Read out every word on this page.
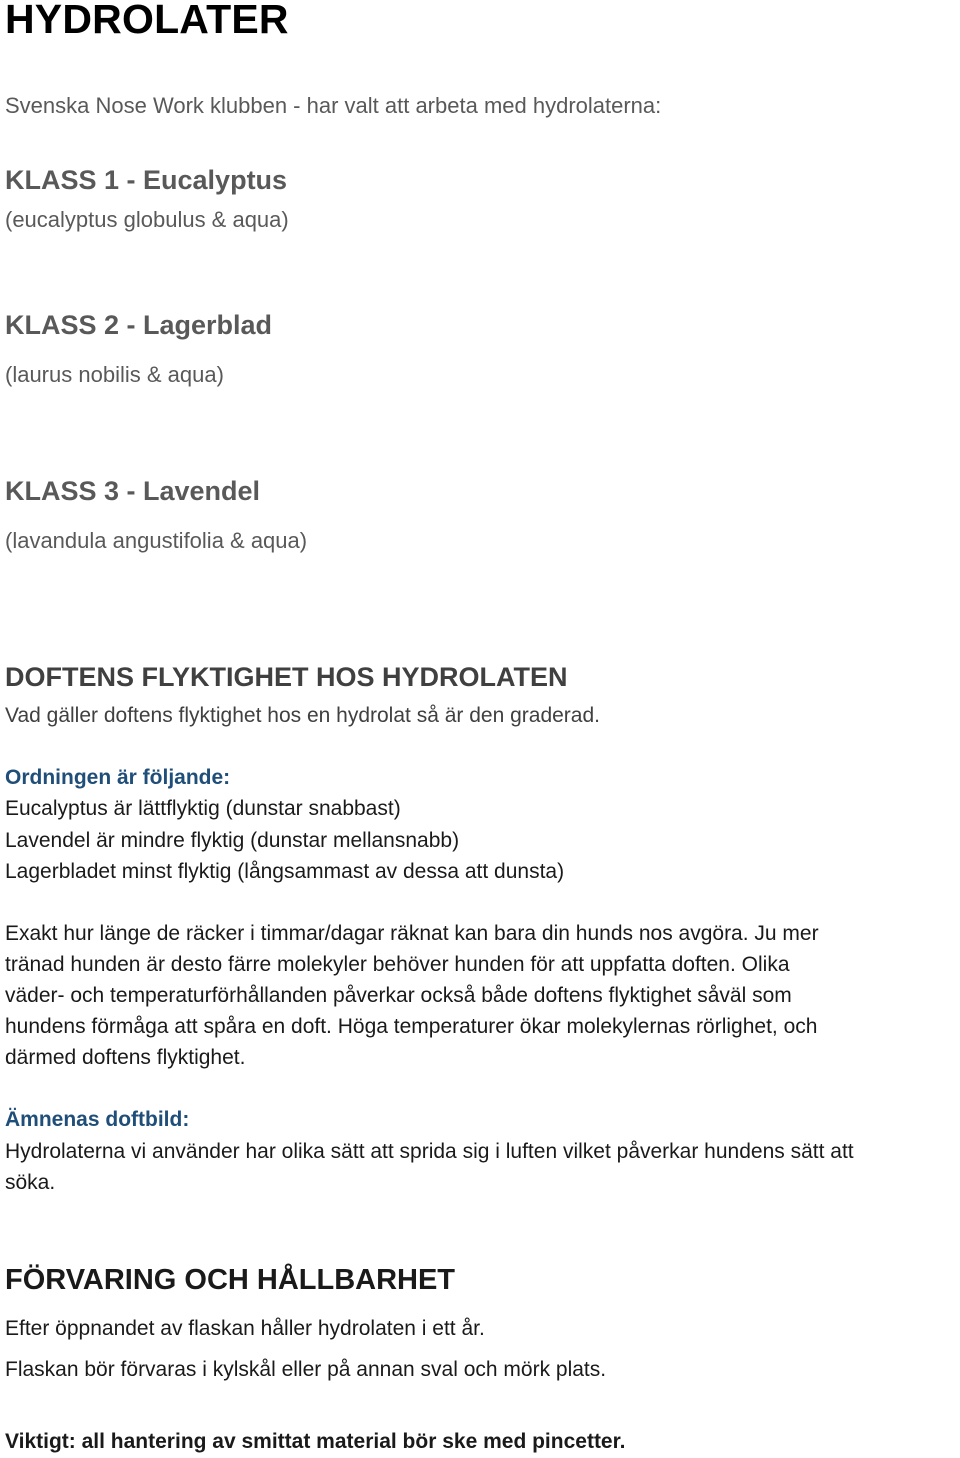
HYDROLATER
Svenska Nose Work klubben - har valt att arbeta med hydrolaterna:
KLASS 1 - Eucalyptus
(eucalyptus globulus & aqua)
KLASS 2 - Lagerblad
(laurus nobilis & aqua)
KLASS 3 - Lavendel
(lavandula angustifolia & aqua)
DOFTENS FLYKTIGHET HOS HYDROLATEN
Vad gäller doftens flyktighet hos en hydrolat så är den graderad.
Ordningen är följande:
Eucalyptus är lättflyktig (dunstar snabbast)
Lavendel är mindre flyktig (dunstar mellansnabb)
Lagerbladet minst flyktig (långsammast av dessa att dunsta)
Exakt hur länge de räcker i timmar/dagar räknat kan bara din hunds nos avgöra. Ju mer
tränad hunden är desto färre molekyler behöver hunden för att uppfatta doften. Olika
väder- och temperaturförhållanden påverkar också både doftens flyktighet såväl som
hundens förmåga att spåra en doft. Höga temperaturer ökar molekylernas rörlighet, och
därmed doftens flyktighet.
Ämnenas doftbild:
Hydrolaterna vi använder har olika sätt att sprida sig i luften vilket påverkar hundens sätt att
söka.
FÖRVARING OCH HÅLLBARHET
Efter öppnandet av flaskan håller hydrolaten i ett år.
Flaskan bör förvaras i kylskål eller på annan sval och mörk plats.
Viktigt: all hantering av smittat material bör ske med pincetter.
